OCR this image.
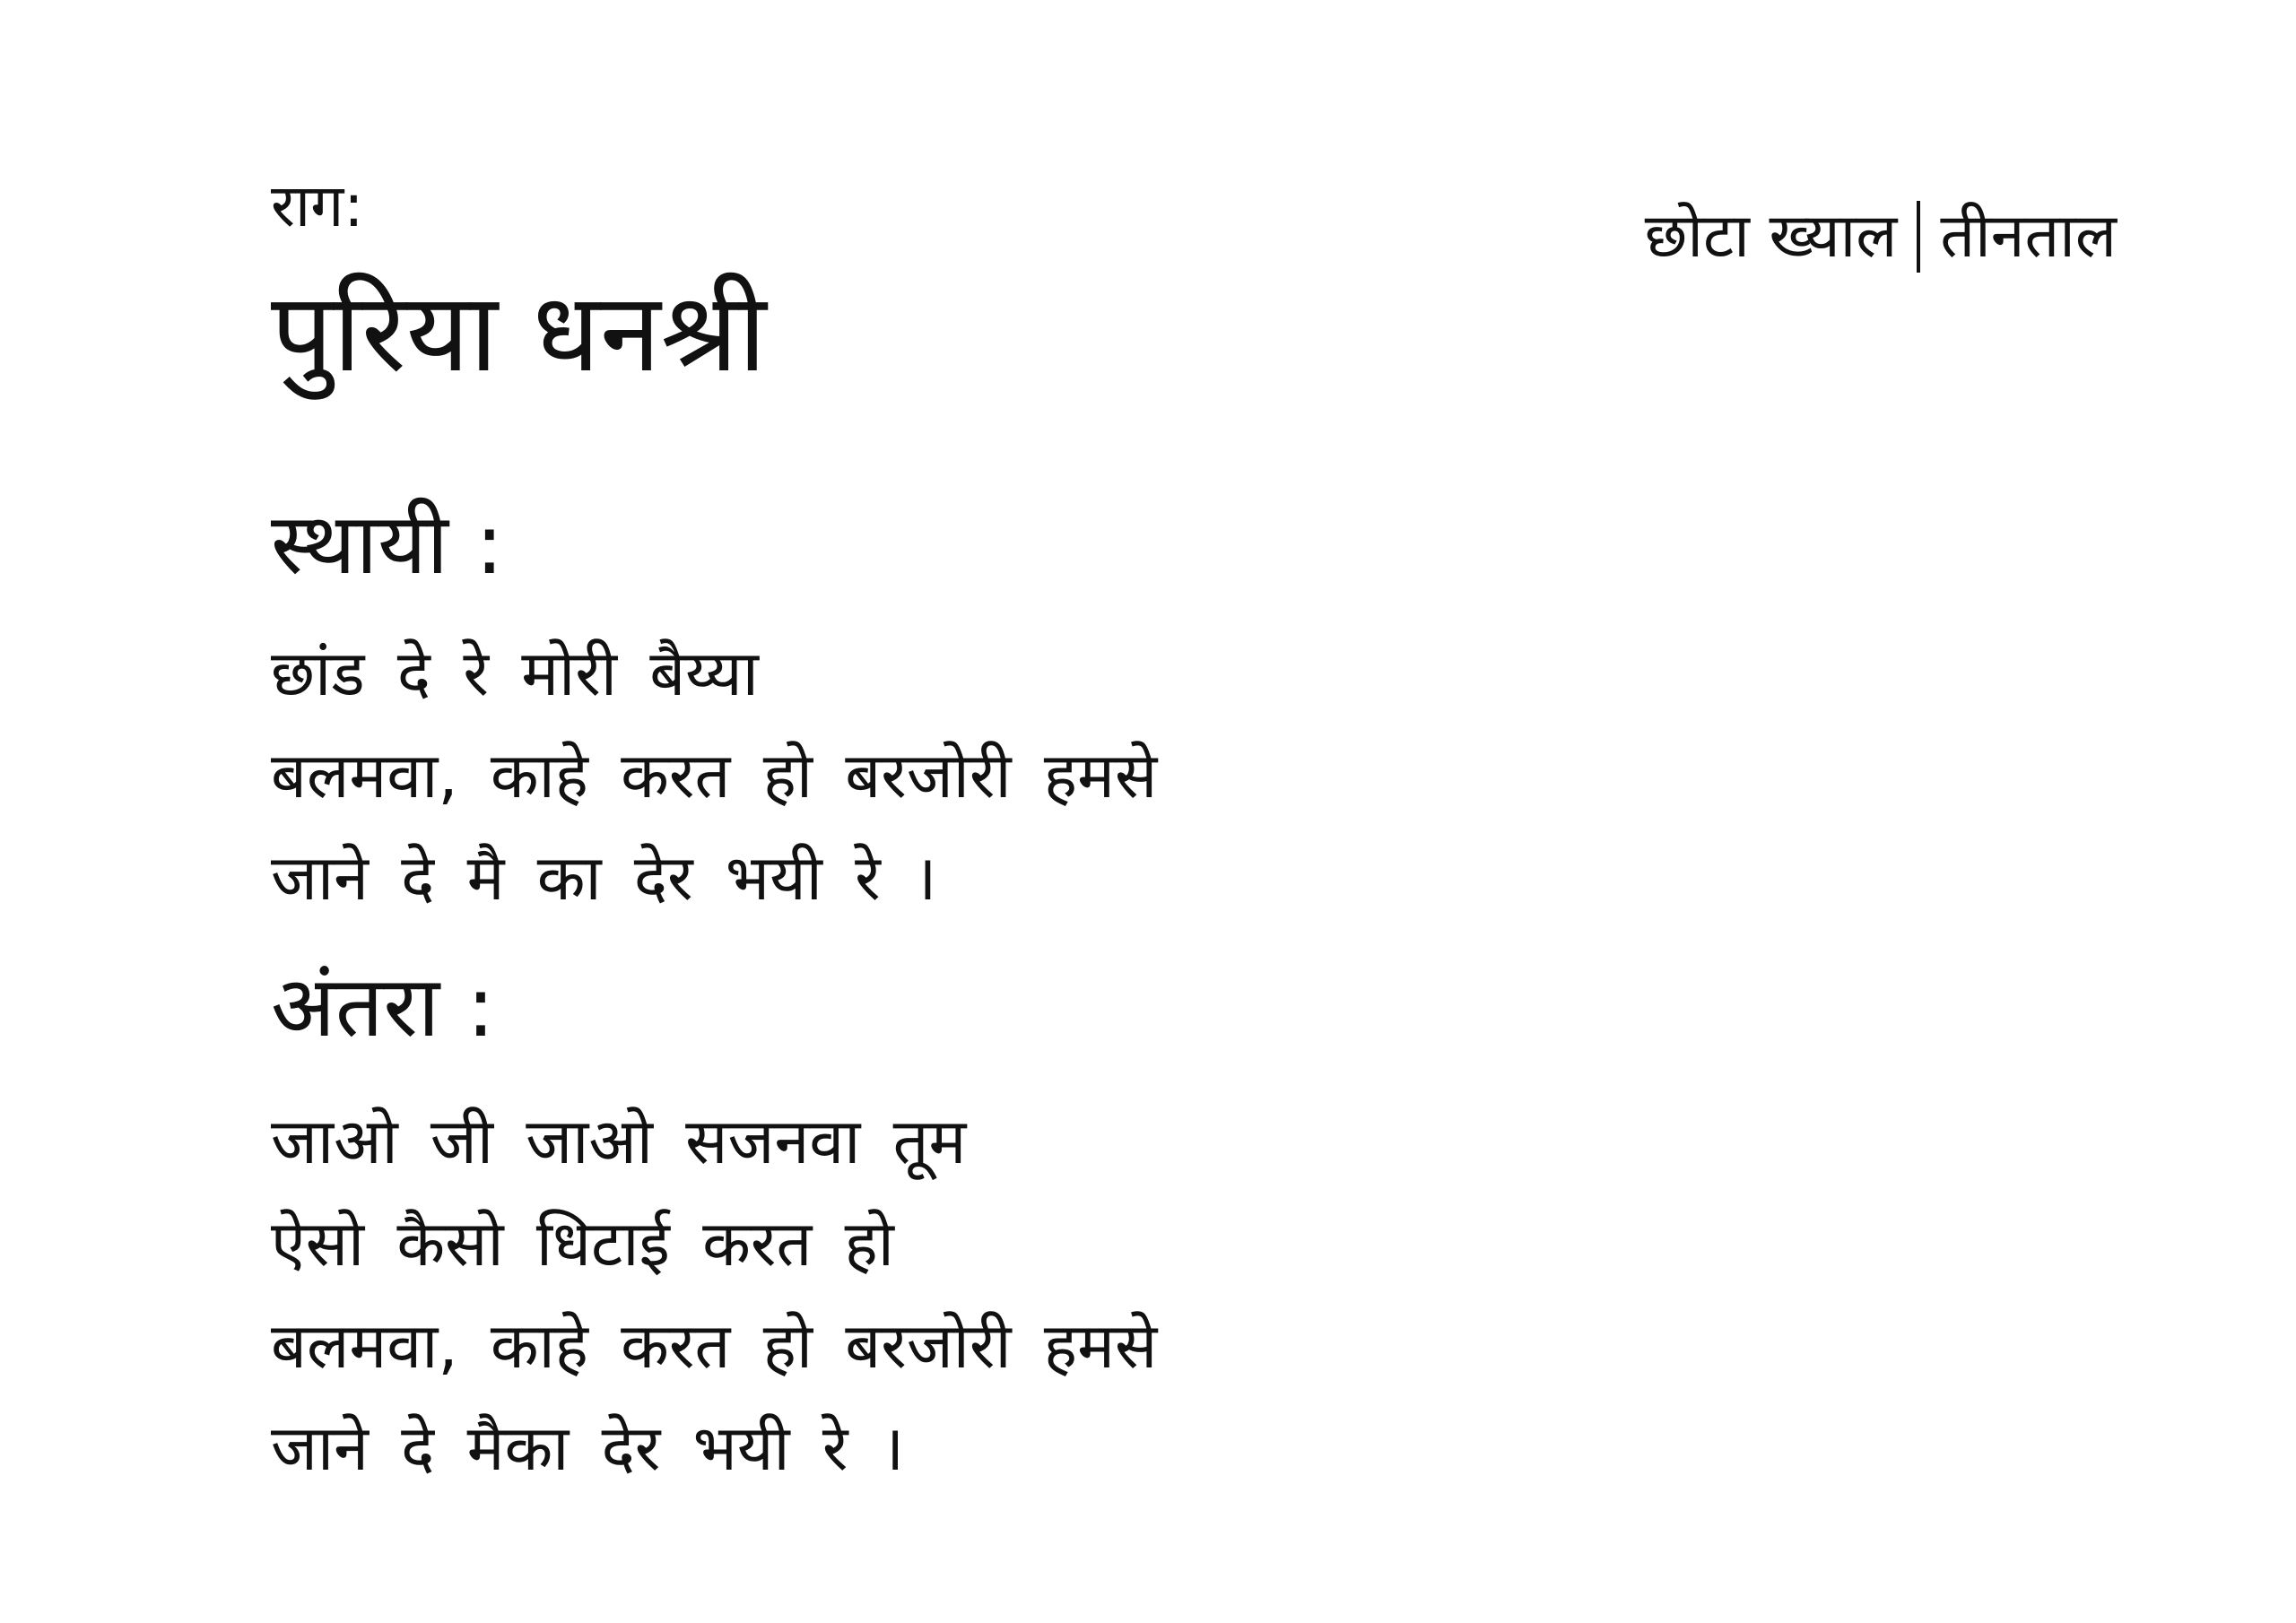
राग:
पुरिया धनश्री
छोटा ख्याल तीनताल
स्थायी :
छांड दे रे मोरी बैय्या
बलमवा, काहे करत हो बरजोरी हमसे
जाने दे मै का देर भयी रे ।
अंतरा :
जाओ जी जाओ सजनवा तूम
ऐसो कैसो धिटाई करत हो
बलमवा, काहे करत हो बरजोरी हमसे
जाने दे मैका देर भयी रे ।
